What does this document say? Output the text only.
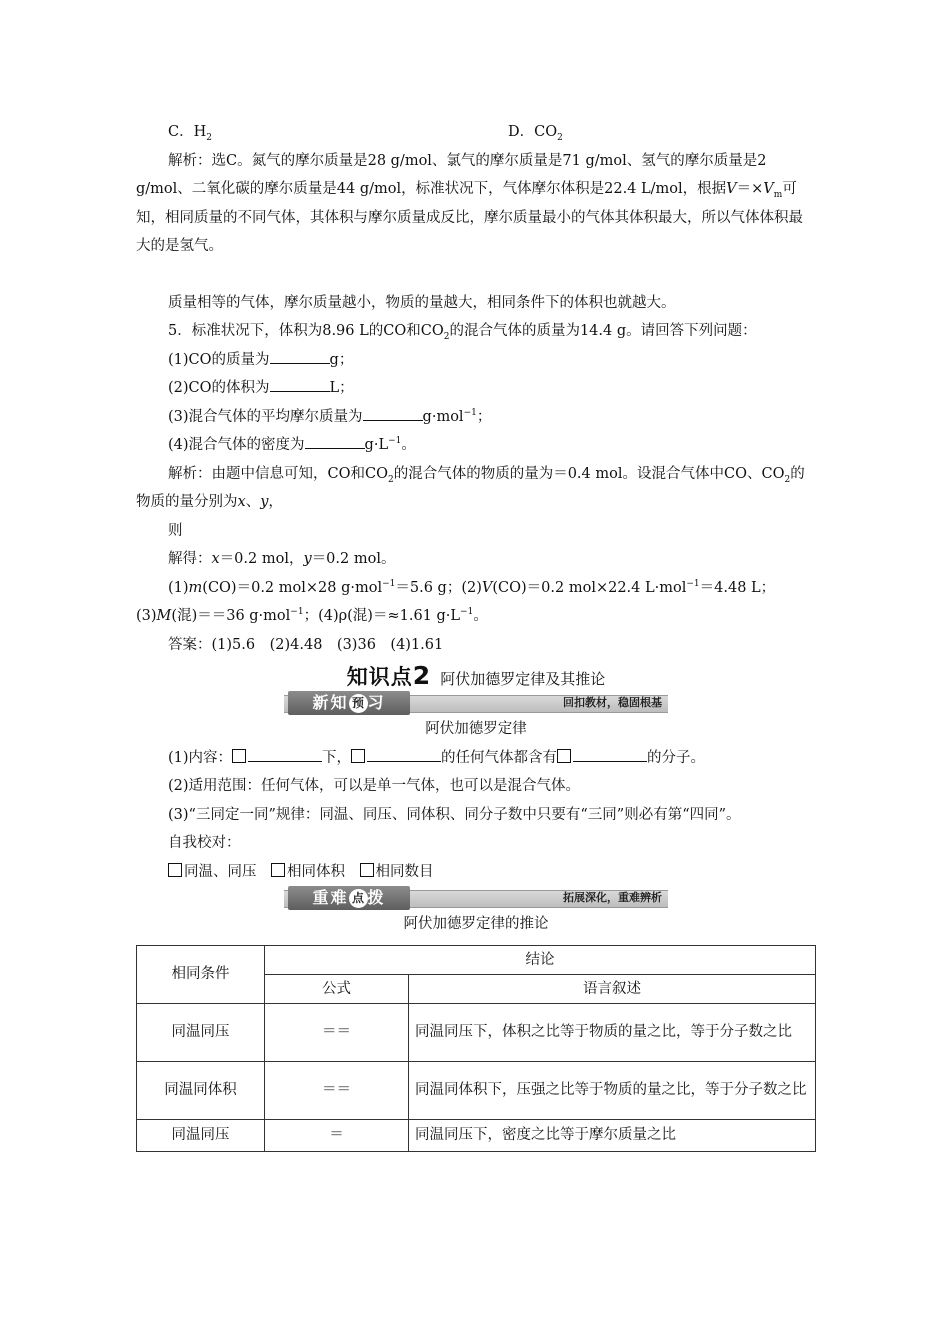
C．$H_2$	D．$CO_2$

解析：选C。氮气的摩尔质量是28 g/mol、氯气的摩尔质量是71 g/mol、氢气的摩尔质量是2 g/mol、二氧化碳的摩尔质量是44 g/mol，标准状况下，气体摩尔体积是22.4 L/mol，根据$V=\times V_m$可知，相同质量的不同气体，其体积与摩尔质量成反比，摩尔质量最小的气体其体积最大，所以气体体积最大的是氢气。

质量相等的气体，摩尔质量越小，物质的量越大，相同条件下的体积也就越大。

5．标准状况下，体积为8.96 L的CO和$CO_2$的混合气体的质量为14.4 g。请回答下列问题：

(1)CO的质量为	g；

(2)CO的体积为	L；

(3)混合气体的平均摩尔质量为	g·mol$^{-1}$；

(4)混合气体的密度为	$g\cdot L^{-1}$。

解析：由题中信息可知，CO和$CO_2$的混合气体的物质的量为＝0.4 mol。设混合气体中CO、$CO_2$的物质的量分别为x、y，

则

解得：x＝0.2 mol，y＝0.2 mol。

(1)m(CO)＝0.2 mol×28 g·mol$^{-1}$＝5.6 g；(2)V(CO)＝0.2 mol×22.4 L·mol$^{-1}$＝4.48 L；(3)M(混)＝＝36 g·mol$^{-1}$；(4)ρ(混)＝≈1.61 $g\cdot L^{-1}$。

答案：(1)5.6　(2)4.48　(3)36　(4)1.61

知识点2 阿伏加德罗定律及其推论
新知 预 习	回扣教材，稳固根基

阿伏加德罗定律

(1)内容：	下，	的任何气体都含有	的分子。

(2)适用范围：任何气体，可以是单一气体，也可以是混合气体。

(3)“三同定一同”规律：同温、同压、同体积、同分子数中只要有“三同”则必有第“四同”。

自我校对：

同温、同压　 相同体积　 相同数目

重难 点 拨	拓展深化，重难辨析

阿伏加德罗定律的推论

相同条件	结论	
	公式	语言叙述
同温同压	＝＝	同温同压下，体积之比等于物质的量之比，等于分子数之比
同温同体积	＝＝	同温同体积下，压强之比等于物质的量之比，等于分子数之比
同温同压	＝	同温同压下，密度之比等于摩尔质量之比
